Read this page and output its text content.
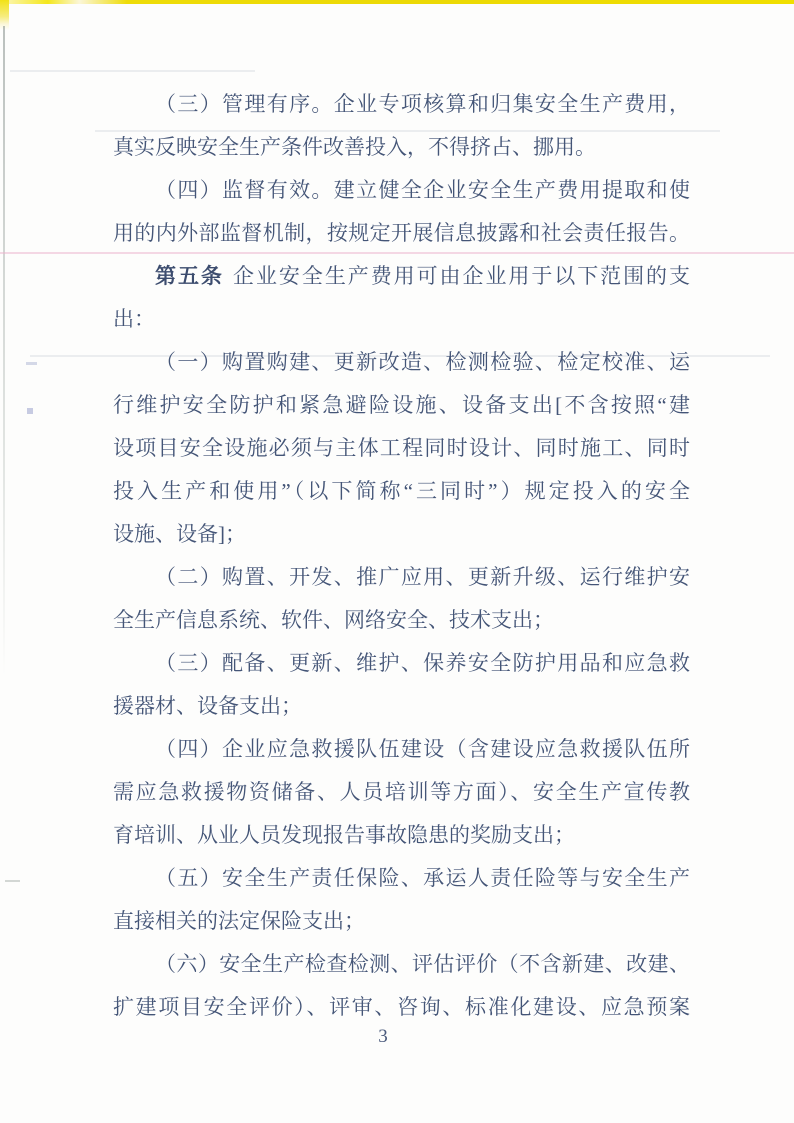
（三）管理有序。企业专项核算和归集安全生产费用，
真实反映安全生产条件改善投入，不得挤占、挪用。
（四）监督有效。建立健全企业安全生产费用提取和使
用的内外部监督机制，按规定开展信息披露和社会责任报告。
第五条 企业安全生产费用可由企业用于以下范围的支
出：
（一）购置购建、更新改造、检测检验、检定校准、运
行维护安全防护和紧急避险设施、设备支出[不含按照“建
设项目安全设施必须与主体工程同时设计、同时施工、同时
投入生产和使用”（以下简称“三同时”）规定投入的安全
设施、设备]；
（二）购置、开发、推广应用、更新升级、运行维护安
全生产信息系统、软件、网络安全、技术支出；
（三）配备、更新、维护、保养安全防护用品和应急救
援器材、设备支出；
（四）企业应急救援队伍建设（含建设应急救援队伍所
需应急救援物资储备、人员培训等方面）、安全生产宣传教
育培训、从业人员发现报告事故隐患的奖励支出；
（五）安全生产责任保险、承运人责任险等与安全生产
直接相关的法定保险支出；
（六）安全生产检查检测、评估评价（不含新建、改建、
扩建项目安全评价）、评审、咨询、标准化建设、应急预案
3
